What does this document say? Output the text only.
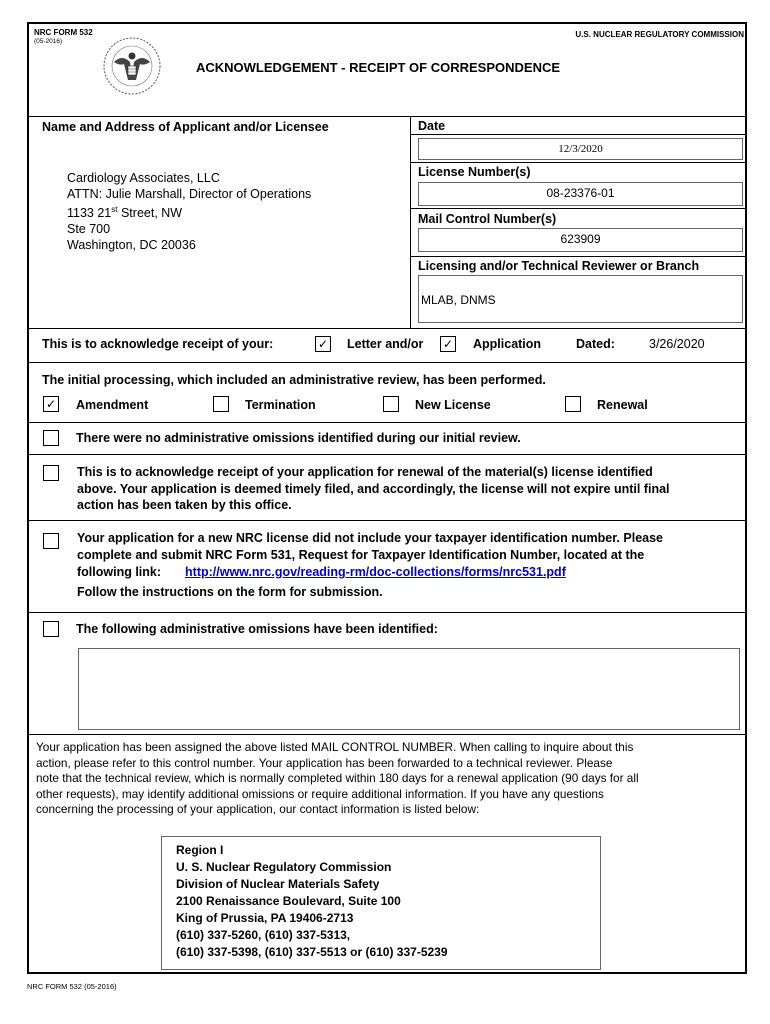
NRC FORM 532
(05-2016)
U.S. NUCLEAR REGULATORY COMMISSION
ACKNOWLEDGEMENT - RECEIPT OF CORRESPONDENCE
Name and Address of Applicant and/or Licensee
Cardiology Associates, LLC
ATTN: Julie Marshall, Director of Operations
1133 21st Street, NW
Ste 700
Washington, DC 20036
Date
12/3/2020
License Number(s)
08-23376-01
Mail Control Number(s)
623909
Licensing and/or Technical Reviewer or Branch
MLAB, DNMS
This is to acknowledge receipt of your:	✓ Letter and/or ✓ Application	Dated:	3/26/2020
The initial processing, which included an administrative review, has been performed.
✓ Amendment	Termination	New License	Renewal
There were no administrative omissions identified during our initial review.
This is to acknowledge receipt of your application for renewal of the material(s) license identified
above. Your application is deemed timely filed, and accordingly, the license will not expire until final
action has been taken by this office.
Your application for a new NRC license did not include your taxpayer identification number. Please
complete and submit NRC Form 531, Request for Taxpayer Identification Number, located at the
following link: http://www.nrc.gov/reading-rm/doc-collections/forms/nrc531.pdf
Follow the instructions on the form for submission.
The following administrative omissions have been identified:
Your application has been assigned the above listed MAIL CONTROL NUMBER. When calling to inquire about this
action, please refer to this control number. Your application has been forwarded to a technical reviewer. Please
note that the technical review, which is normally completed within 180 days for a renewal application (90 days for all
other requests), may identify additional omissions or require additional information. If you have any questions
concerning the processing of your application, our contact information is listed below:
Region I
U. S. Nuclear Regulatory Commission
Division of Nuclear Materials Safety
2100 Renaissance Boulevard, Suite 100
King of Prussia, PA 19406-2713
(610) 337-5260, (610) 337-5313,
(610) 337-5398, (610) 337-5513 or (610) 337-5239
NRC FORM 532 (05-2016)
